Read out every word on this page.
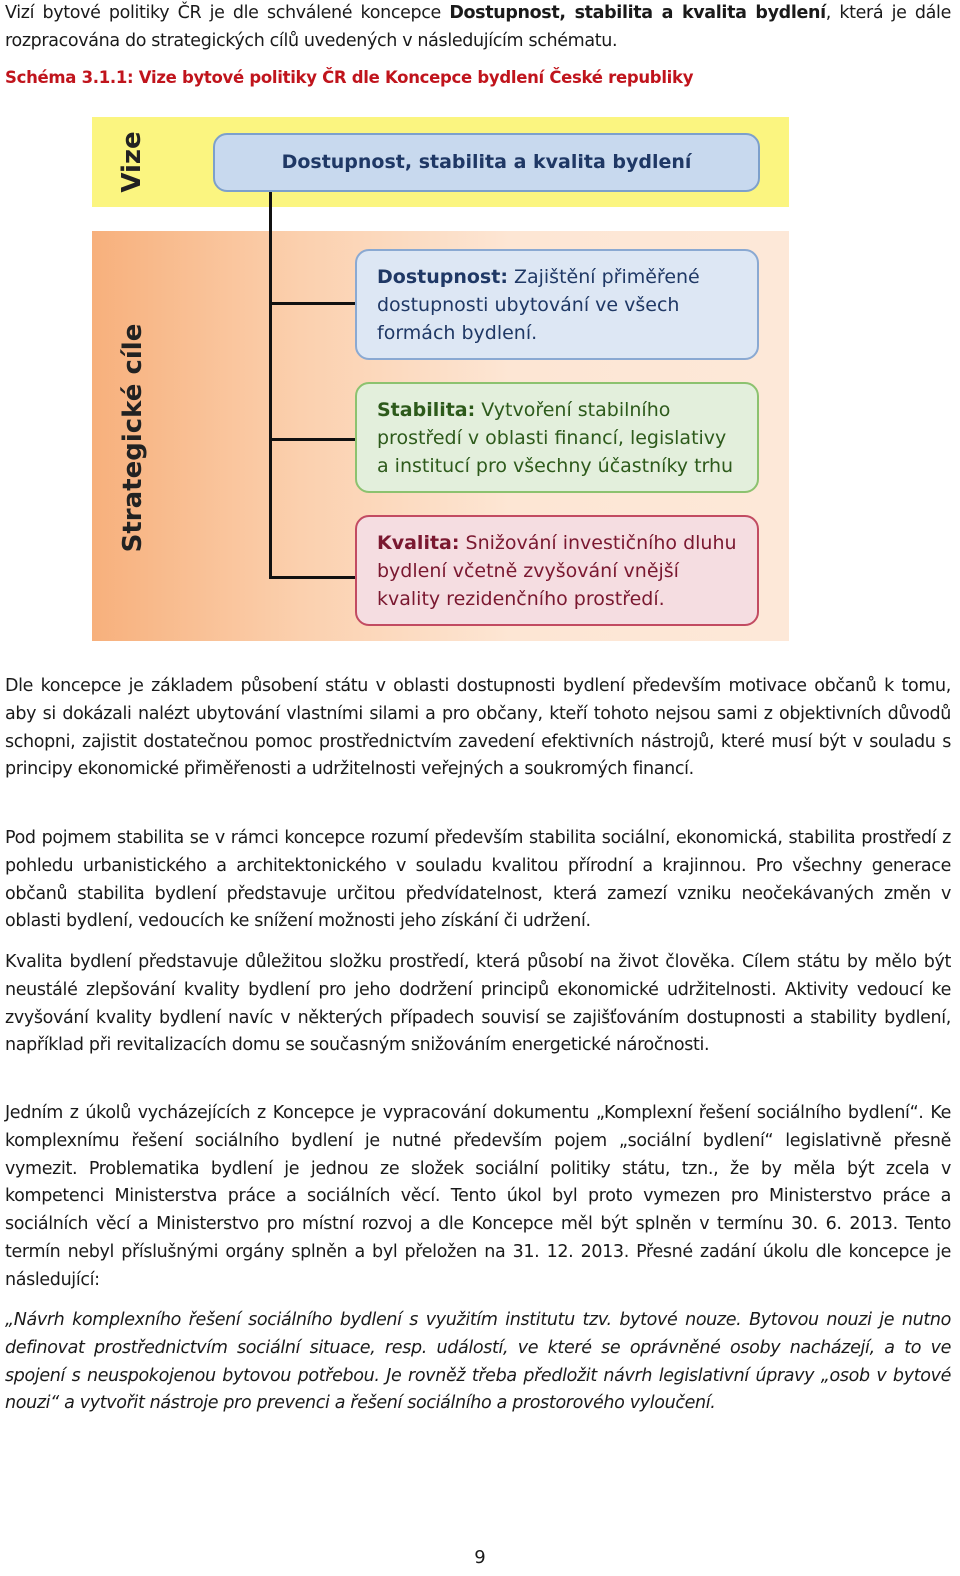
Vizí bytové politiky ČR je dle schválené koncepce Dostupnost, stabilita a kvalita bydlení, která je dále rozpracována do strategických cílů uvedených v následujícím schématu.

Schéma 3.1.1: Vize bytové politiky ČR dle Koncepce bydlení České republiky

Vize
Strategické cíle
Dostupnost, stabilita a kvalita bydlení
Dostupnost: Zajištění přiměřené dostupnosti ubytování ve všech formách bydlení.
Stabilita: Vytvoření stabilního prostředí v oblasti financí, legislativy a institucí pro všechny účastníky trhu
Kvalita: Snižování investičního dluhu bydlení včetně zvyšování vnější kvality rezidenčního prostředí.

Dle koncepce je základem působení státu v oblasti dostupnosti bydlení především motivace občanů k tomu, aby si dokázali nalézt ubytování vlastními silami a pro občany, kteří tohoto nejsou sami z objektivních důvodů schopni, zajistit dostatečnou pomoc prostřednictvím zavedení efektivních nástrojů, které musí být v souladu s principy ekonomické přiměřenosti a udržitelnosti veřejných a soukromých financí.

Pod pojmem stabilita se v rámci koncepce rozumí především stabilita sociální, ekonomická, stabilita prostředí z pohledu urbanistického a architektonického v souladu kvalitou přírodní a krajinnou. Pro všechny generace občanů stabilita bydlení představuje určitou předvídatelnost, která zamezí vzniku neočekávaných změn v oblasti bydlení, vedoucích ke snížení možnosti jeho získání či udržení.

Kvalita bydlení představuje důležitou složku prostředí, která působí na život člověka. Cílem státu by mělo být neustálé zlepšování kvality bydlení pro jeho dodržení principů ekonomické udržitelnosti. Aktivity vedoucí ke zvyšování kvality bydlení navíc v některých případech souvisí se zajišťováním dostupnosti a stability bydlení, například při revitalizacích domu se současným snižováním energetické náročnosti.

Jedním z úkolů vycházejících z Koncepce je vypracování dokumentu „Komplexní řešení sociálního bydlení“. Ke komplexnímu řešení sociálního bydlení je nutné především pojem „sociální bydlení“ legislativně přesně vymezit. Problematika bydlení je jednou ze složek sociální politiky státu, tzn., že by měla být zcela v kompetenci Ministerstva práce a sociálních věcí. Tento úkol byl proto vymezen pro Ministerstvo práce a sociálních věcí a Ministerstvo pro místní rozvoj a dle Koncepce měl být splněn v termínu 30. 6. 2013. Tento termín nebyl příslušnými orgány splněn a byl přeložen na 31. 12. 2013. Přesné zadání úkolu dle koncepce je následující:

„Návrh komplexního řešení sociálního bydlení s využitím institutu tzv. bytové nouze. Bytovou nouzi je nutno definovat prostřednictvím sociální situace, resp. událostí, ve které se oprávněné osoby nacházejí, a to ve spojení s neuspokojenou bytovou potřebou. Je rovněž třeba předložit návrh legislativní úpravy „osob v bytové nouzi“ a vytvořit nástroje pro prevenci a řešení sociálního a prostorového vyloučení.

9
